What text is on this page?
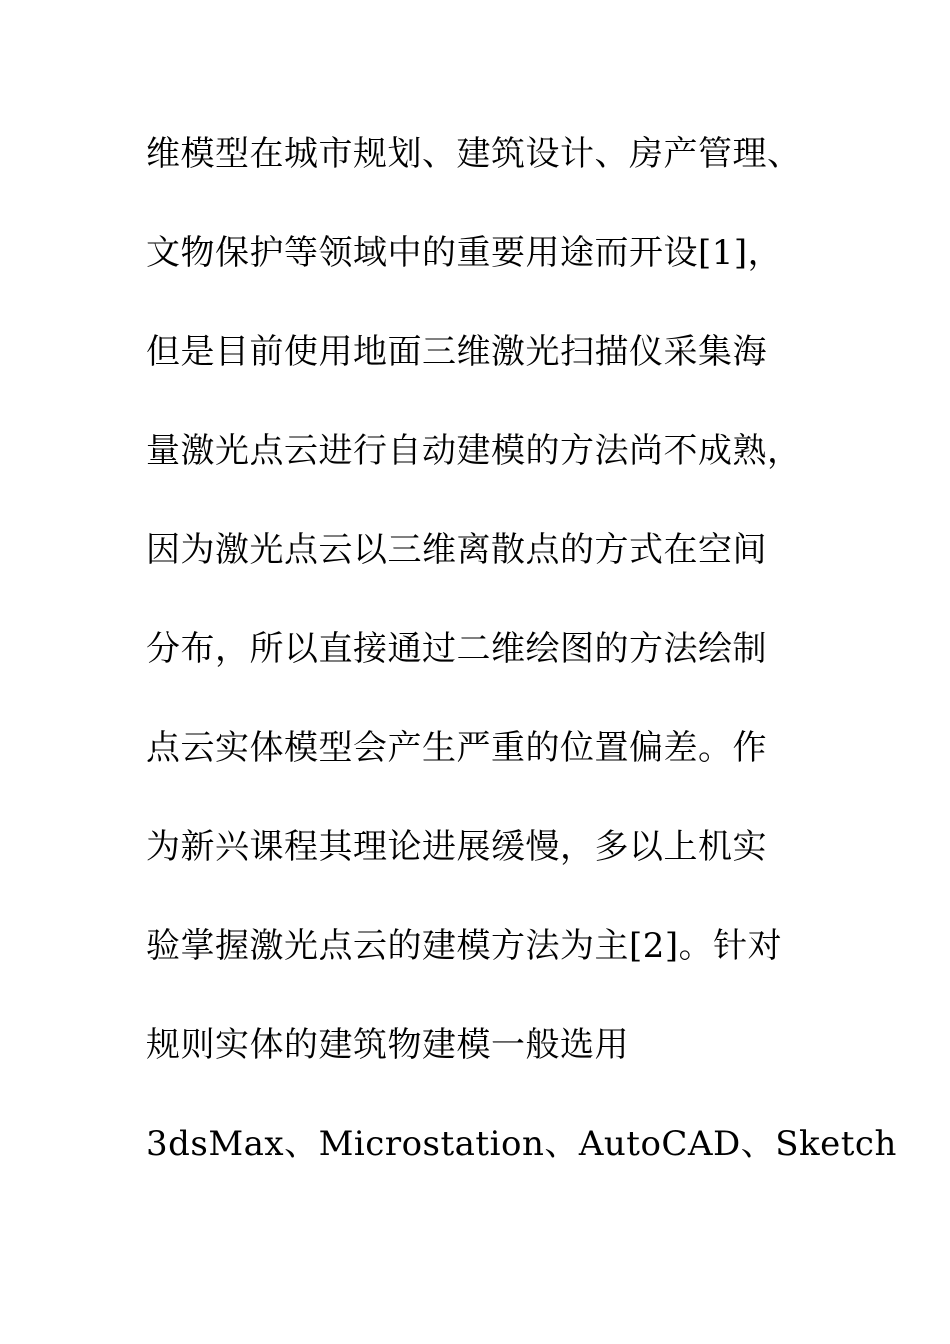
维模型在城市规划、建筑设计、房产管理、
文物保护等领域中的重要用途而开设[1]，
但是目前使用地面三维激光扫描仪采集海
量激光点云进行自动建模的方法尚不成熟，
因为激光点云以三维离散点的方式在空间
分布，所以直接通过二维绘图的方法绘制
点云实体模型会产生严重的位置偏差。作
为新兴课程其理论进展缓慢，多以上机实
验掌握激光点云的建模方法为主[2]。针对
规则实体的建筑物建模一般选用
3dsMax、Microstation、AutoCAD、Sketch
